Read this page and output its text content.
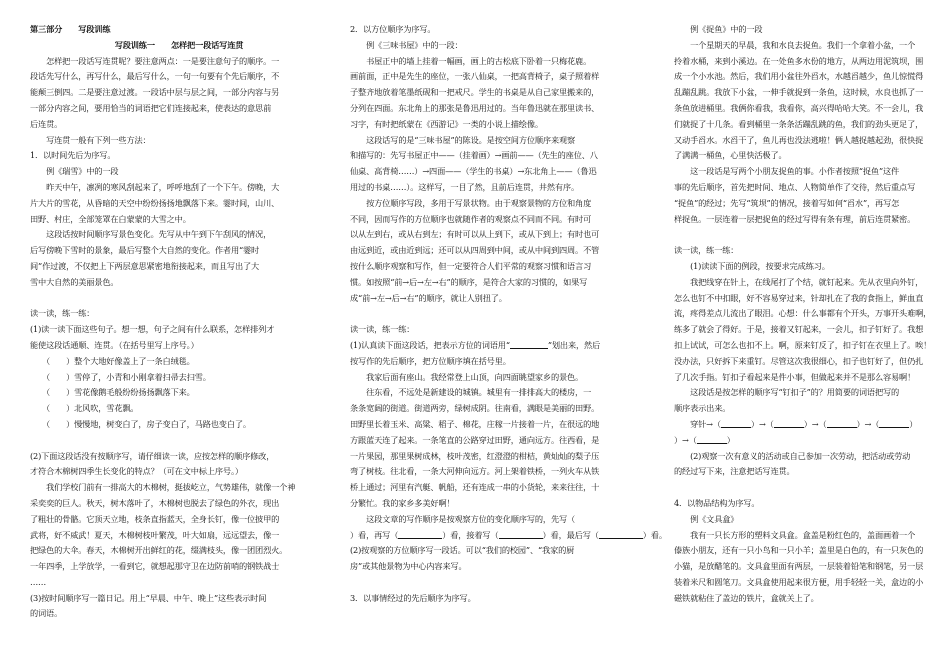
第三部分　　写段训练
写段训练一　　怎样把一段话写连贯
　　怎样把一段话写连贯呢？要注意两点：一是要注意句子的顺序。一
段话先写什么，再写什么，最后写什么，一句一句要有个先后顺序，不
能颠三倒四。二是要注意过渡。一段话中层与层之间，一部分内容与另
一部分内容之间，要用恰当的词语把它们连接起来，使表达的意思前
后连贯。
　　写连贯一般有下列一些方法：
1．以时间先后为序写。
　　例《瑞雪》中的一段
　　昨天中午，凛冽的寒风刮起来了，呼呼地刮了一个下午。傍晚，大
片大片的雪花，从昏暗的天空中纷纷扬扬地飘落下来。霎时间，山川、
田野、村庄，全部笼罩在白蒙蒙的大雪之中。
　　这段话按时间顺序写景色变化。先写从中午到下午刮风的情况，
后写傍晚下雪时的景象，最后写整个大自然的变化。作者用“霎时
间”作过渡，不仅把上下两层意思紧密地衔接起来，而且写出了大
雪中大自然的美丽景色。
读一读，练一练：
(1)读一读下面这些句子。想一想，句子之间有什么联系，怎样排列才
能使这段话通顺、连贯。（在括号里写上序号。）
　　（　　）整个大地好像盖上了一条白绒毯。
　　（　　）雪停了，小青和小刚拿着扫帚去扫雪。
　　（　　）雪花像鹅毛般纷纷扬扬飘落下来。
　　（　　）北风吹，雪花飘。
　　（　　）慢慢地，树变白了，房子变白了，马路也变白了。
(2)下面这段话没有按顺序写，请仔细读一读，应按怎样的顺序修改，
才符合木棉树四季生长变化的特点？（可在文中标上序号。）
　　我们学校门前有一排高大的木棉树，挺拔屹立，气势雄伟，就像一个神
采奕奕的巨人。秋天，树木落叶了，木棉树也脱去了绿色的外衣，现出
了粗壮的骨骼。它顶天立地，枝条直指蓝天，全身长钉，像一位披甲的
武将，好不威武！夏天，木棉树枝叶繁茂，叶大如扇，远远望去，像一
把绿色的大伞。春天，木棉树开出鲜红的花，缀满枝头，像一团团烈火。
一年四季，上学放学，一看到它，就想起那守卫在边防前哨的钢铁战士
……
(3)按时间顺序写一篇日记。用上“早晨、中午、晚上”这些表示时间
的词语。
2．以方位顺序为序写。
　　例《三味书屋》中的一段：
　　书屋正中的墙上挂着一幅画，画上的古松底下卧着一只梅花鹿。
画前面，正中是先生的座位，一张八仙桌，一把高背椅子，桌子照着样
子整齐地放着笔墨纸砚和一把戒尺。学生的书桌是从自己家里搬来的，
分列在四面。东北角上的那张是鲁迅用过的。当年鲁迅就在那里读书、
习字，有时把纸蒙在《西游记》一类的小说上描绘像。
　　这段话写的是“三味书屋”的陈设。是按空间方位顺序来观察
和描写的：先写书屋正中——（挂着画）→画前——（先生的座位、八
仙桌、高背椅……）→四面——（学生的书桌）→东北角上——（鲁迅
用过的书桌……）。这样写，一目了然，且前后连贯，井然有序。
　　按方位顺序写段，多用于写景状物。由于观察景物的方位和角度
不同，因而写作的方位顺序也就随作者的观察点不同而不同。有时可
以从左到右，或从右到左；有时可以从上到下，或从下到上；有时也可
由远到近，或由近到远；还可以从四周到中间，或从中间到四周。不管
按什么顺序观察和写作，但一定要符合人们平常的观察习惯和语言习
惯。如按照“前→后→左→右”的顺序，是符合大家的习惯的，如果写
成“前→左→后→右”的顺序，就让人别扭了。
读一读，练一练：
(1)认真读下面这段话，把表示方位的词语用“	”划出来，然后
按写作的先后顺序，把方位顺序填在括号里。
　　我家后面有座山。我经常登上山顶，向四面眺望家乡的景色。
　　往东看，不远处是新建设的城镇。城里有一排排高大的楼房，一
条条宽阔的街道。街道两旁，绿树成阴。往南看，满眼是美丽的田野。
田野里长着玉米、高粱、稻子、棉花，庄稼一片接着一片，在很远的地
方跟蓝天连了起来。一条笔直的公路穿过田野，通向远方。往西看，是
一片果园，那里果树成林，枝叶茂密，红澄澄的柑桔，黄灿灿的梨子压
弯了树枝。往北看，一条大河伸向远方。河上架着铁桥，一列火车从铁
桥上通过；河里有汽艇、帆船，还有连成一串的小货轮，来来往往，十
分繁忙。我的家乡多美好啊！
　　这段文章的写作顺序是按观察方位的变化顺序写的，先写（
）看，再写（	）看，接着写（	）看，最后写（	）看。
(2)按观察的方位顺序写一段话。可以“我们的校园”、“我家的厨
房”或其他景物为中心内容来写。
3．以事情经过的先后顺序为序写。
　　例《捉鱼》中的一段
　　一个星期天的早晨，我和水良去捉鱼。我们一个拿着小盆，一个
拎着水桶，来到小溪边。在一处鱼多水份的地方，从两边用泥筑坝，围
成一个小水池。然后，我们用小盆往外舀水，水越舀越少，鱼儿惊慌得
乱蹦乱跳。我放下小盆，一伸手就捉到一条鱼，这时候，水良也抓了一
条鱼放进桶里。我俩你看我，我看你，高兴得哈哈大笑。不一会儿，我
们就捉了十几条。看到桶里一条条活蹦乱跳的鱼，我们的劲头更足了，
又动手舀水。水舀干了，鱼儿再也没法逃啦！俩人越捉越起劲，很快捉
了满满一桶鱼，心里快活极了。
　　这一段话是写两个小朋友捉鱼的事。小作者按照“捉鱼”这件
事的先后顺序，首先把时间、地点、人物简单作了交待，然后重点写
“捉鱼”的经过；先写“筑坝”的情况，接着写如何“舀水”，再写怎
样捉鱼。一层连着一层把捉鱼的经过写得有条有理，前后连贯紧密。
读一读，练一练：
　　(1)读读下面的例段，按要求完成练习。
　　我把线穿在针上，在线尾打了个结，就钉起来。先从衣里向外钉，
怎么也钉不中扣眼，好不容易穿过来，针却扎在了我的食指上，鲜血直
流，疼得差点儿流出了眼泪。心想：什么事都有个开头，万事开头难啊，
练多了就会了得好。于是，接着又钉起来，一会儿，扣子钉好了。我想
扣上试试，可怎么也扣不上。啊，原来钉反了，扣子钉在衣里上了。唉！
没办法，只好拆下来重钉。尽管这次我很细心，扣子也钉好了，但仍扎
了几次手指。钉扣子看起来是件小事，但做起来并不是那么容易啊！
　　这段话是按怎样的顺序写“钉扣子”的？用简要的词语把写的
顺序表示出来。
　　穿针→（	）→（	）→（	）→（	）
）→（	）
　　(2)观察一次有意义的活动或自己参加一次劳动，把活动或劳动
的经过写下来，注意把话写连贯。
4．以物品结构为序写。
　　例《文具盒》
　　我有一只长方形的塑料文具盒。盒盖是粉红色的，盖面画着一个
傣族小朋友，还有一只小鸟和一只小羊；盖里是白色的，有一只灰色的
小猫，是放醋笔的。文具盒里面有两层，一层装着铅笔和钢笔，另一层
装着米尺和圆笔刀。文具盒使用起来很方便，用手轻轻一关，盒边的小
磁铁就粘住了盖边的铁片，盒就关上了。
